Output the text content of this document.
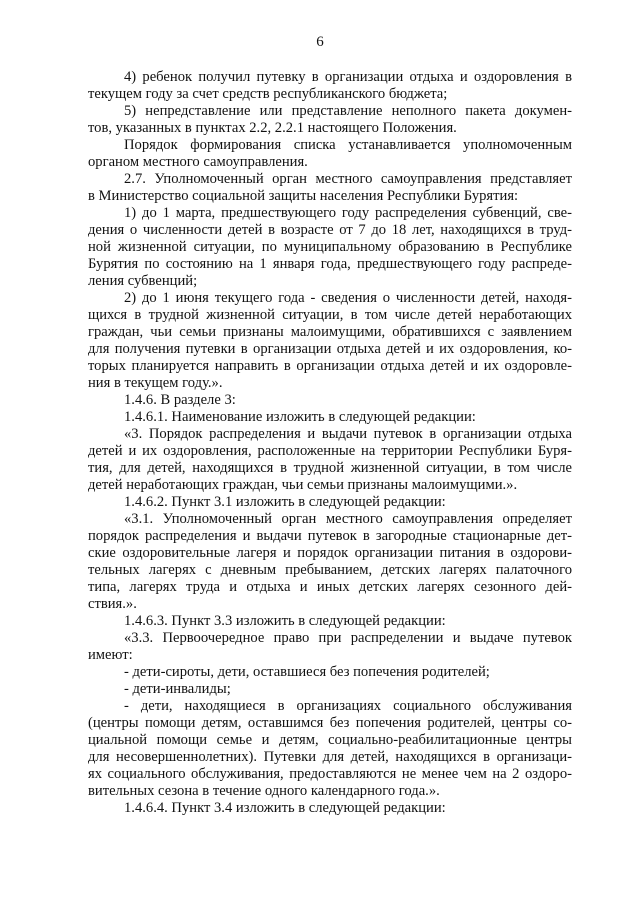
6
4) ребенок получил путевку в организации отдыха и оздоровления в
текущем году за счет средств республиканского бюджета;
5) непредставление или представление неполного пакета докумен-
тов, указанных в пунктах 2.2, 2.2.1 настоящего Положения.
Порядок формирования списка устанавливается уполномоченным
органом местного самоуправления.
2.7. Уполномоченный орган местного самоуправления представляет
в Министерство социальной защиты населения Республики Бурятия:
1) до 1 марта, предшествующего году распределения субвенций, све-
дения о численности детей в возрасте от 7 до 18 лет, находящихся в труд-
ной жизненной ситуации, по муниципальному образованию в Республике
Бурятия по состоянию на 1 января года, предшествующего году распреде-
ления субвенций;
2) до 1 июня текущего года - сведения о численности детей, находя-
щихся в трудной жизненной ситуации, в том числе детей неработающих
граждан, чьи семьи признаны малоимущими, обратившихся с заявлением
для получения путевки в организации отдыха детей и их оздоровления, ко-
торых планируется направить в организации отдыха детей и их оздоровле-
ния в текущем году.».
1.4.6. В разделе 3:
1.4.6.1. Наименование изложить в следующей редакции:
«3. Порядок распределения и выдачи путевок в организации отдыха
детей и их оздоровления, расположенные на территории Республики Буря-
тия, для детей, находящихся в трудной жизненной ситуации, в том числе
детей неработающих граждан, чьи семьи признаны малоимущими.».
1.4.6.2. Пункт 3.1 изложить в следующей редакции:
«3.1. Уполномоченный орган местного самоуправления определяет
порядок распределения и выдачи путевок в загородные стационарные дет-
ские оздоровительные лагеря и порядок организации питания в оздорови-
тельных лагерях с дневным пребыванием, детских лагерях палаточного
типа, лагерях труда и отдыха и иных детских лагерях сезонного дей-
ствия.».
1.4.6.3. Пункт 3.3 изложить в следующей редакции:
«3.3. Первоочередное право при распределении и выдаче путевок
имеют:
- дети-сироты, дети, оставшиеся без попечения родителей;
- дети-инвалиды;
- дети, находящиеся в организациях социального обслуживания
(центры помощи детям, оставшимся без попечения родителей, центры со-
циальной помощи семье и детям, социально-реабилитационные центры
для несовершеннолетних). Путевки для детей, находящихся в организаци-
ях социального обслуживания, предоставляются не менее чем на 2 оздоро-
вительных сезона в течение одного календарного года.».
1.4.6.4. Пункт 3.4 изложить в следующей редакции:
